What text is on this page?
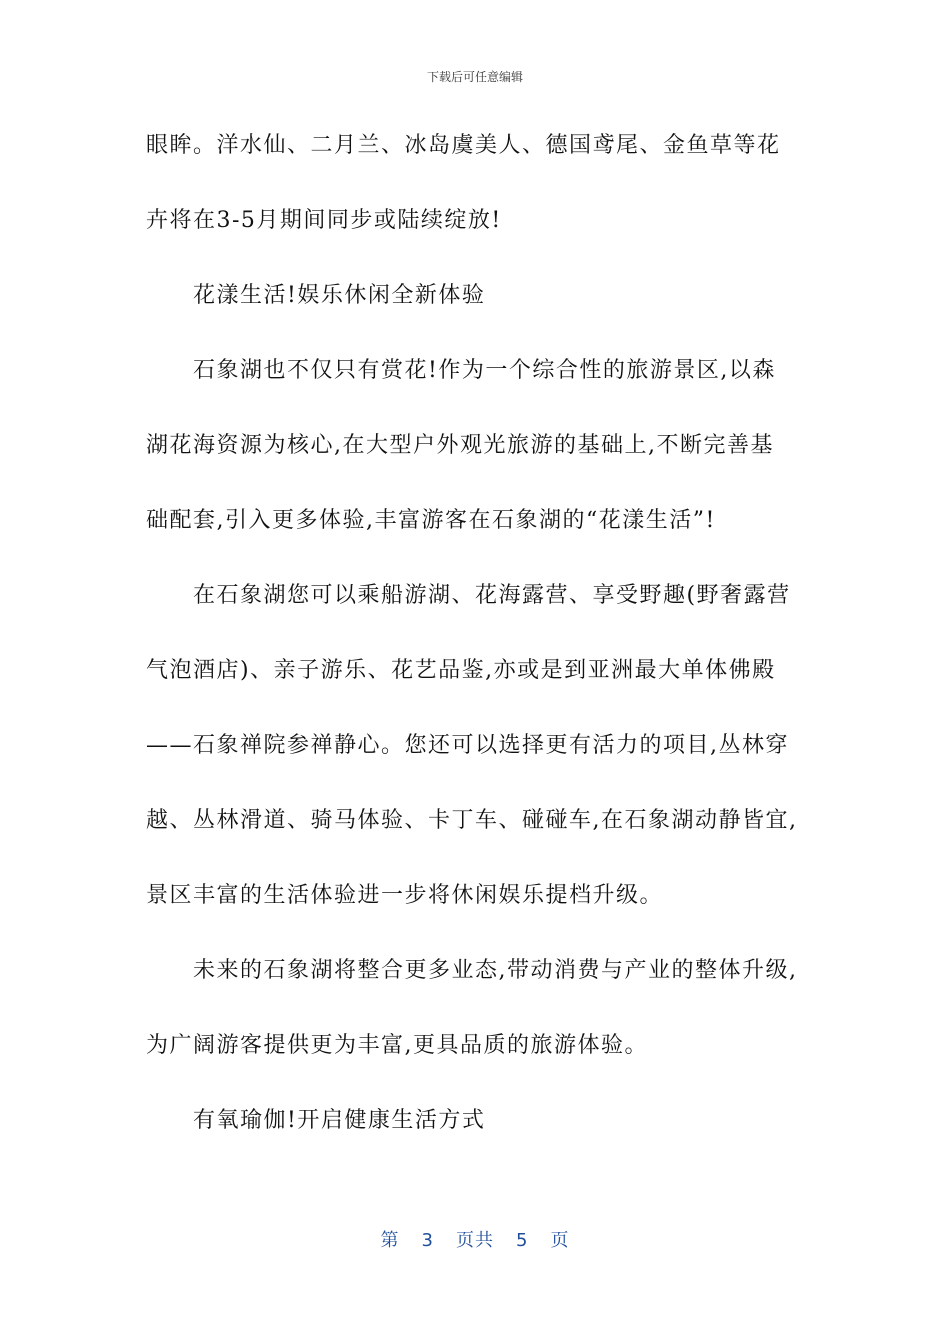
下载后可任意编辑
眼眸。洋水仙、二月兰、冰岛虞美人、德国鸢尾、金鱼草等花
卉将在3-5月期间同步或陆续绽放!
花漾生活!娱乐休闲全新体验
石象湖也不仅只有赏花!作为一个综合性的旅游景区,以森
湖花海资源为核心,在大型户外观光旅游的基础上,不断完善基
础配套,引入更多体验,丰富游客在石象湖的“花漾生活”!
在石象湖您可以乘船游湖、花海露营、享受野趣(野奢露营
气泡酒店)、亲子游乐、花艺品鉴,亦或是到亚洲最大单体佛殿
——石象禅院参禅静心。您还可以选择更有活力的项目,丛林穿
越、丛林滑道、骑马体验、卡丁车、碰碰车,在石象湖动静皆宜,
景区丰富的生活体验进一步将休闲娱乐提档升级。
未来的石象湖将整合更多业态,带动消费与产业的整体升级,
为广阔游客提供更为丰富,更具品质的旅游体验。
有氧瑜伽!开启健康生活方式
第 3 页共 5 页
